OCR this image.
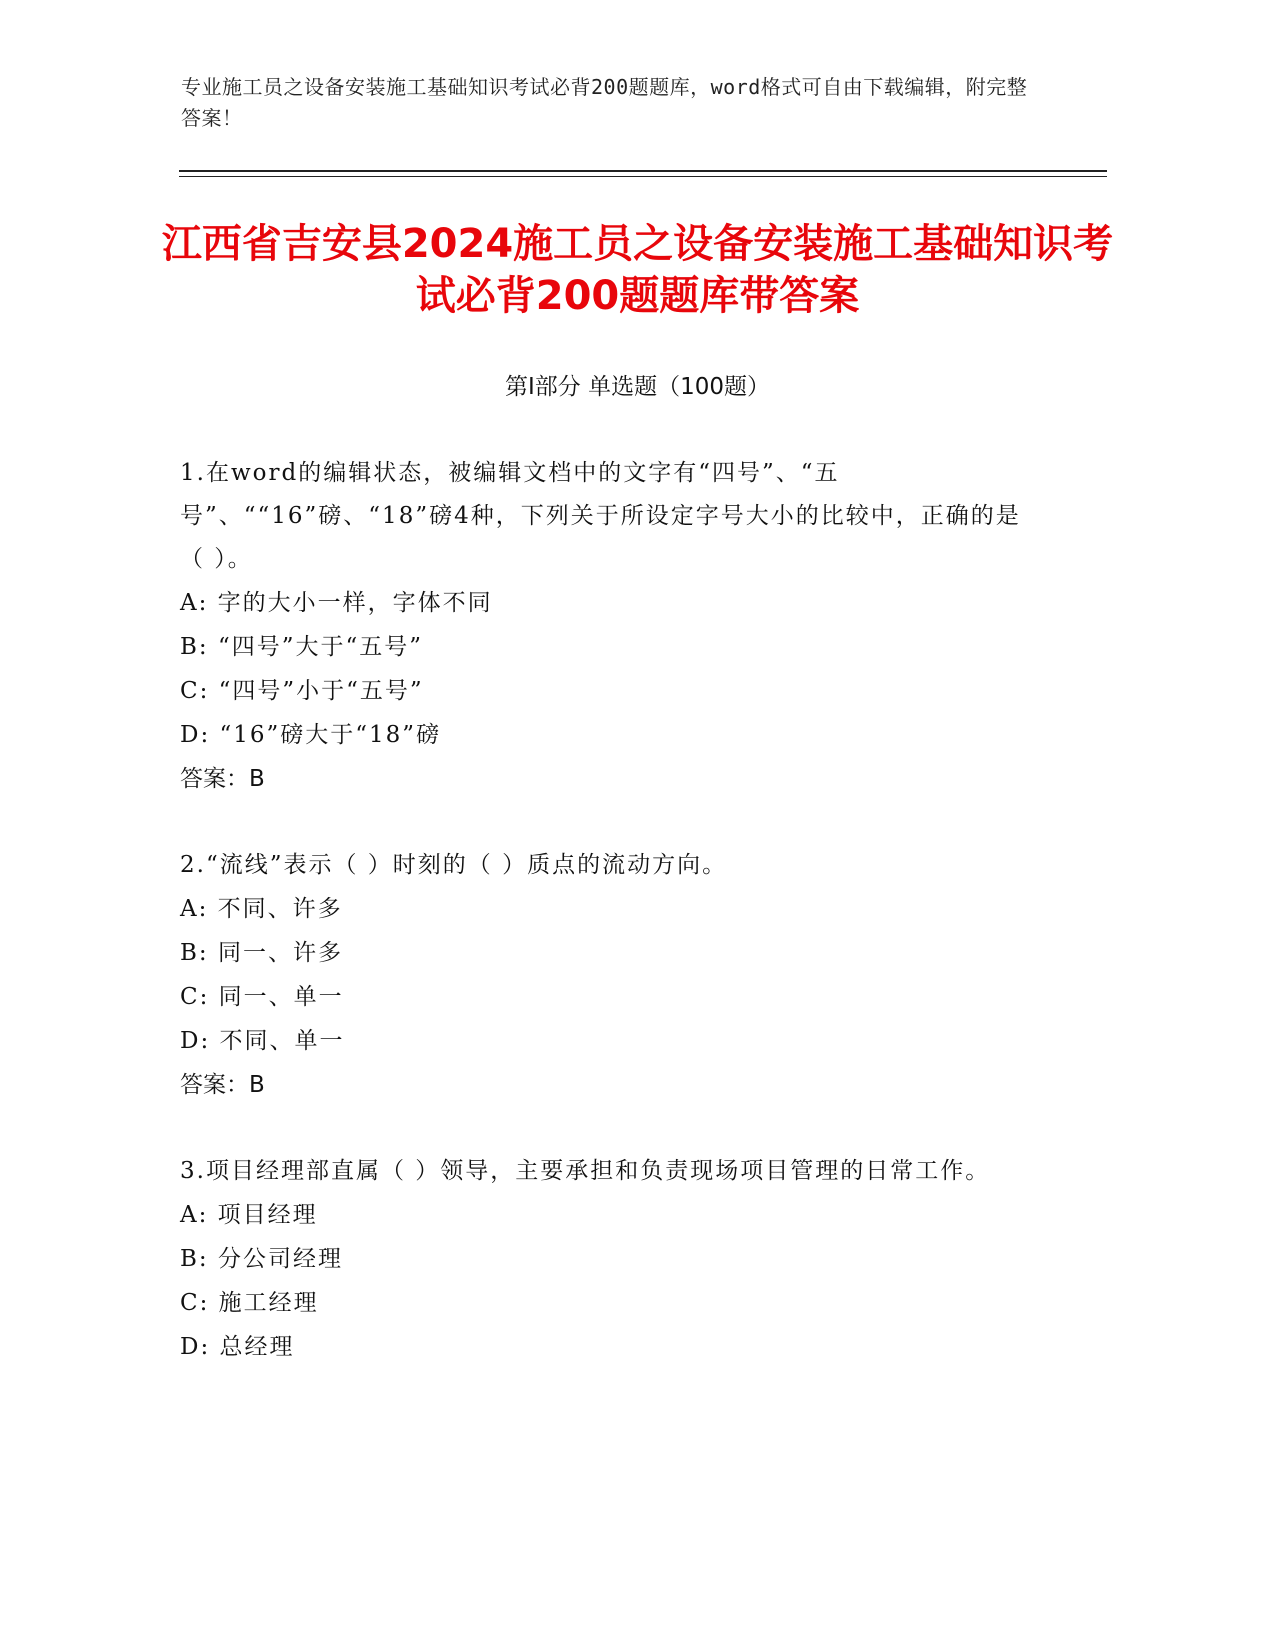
专业施工员之设备安装施工基础知识考试必背200题题库，word格式可自由下载编辑，附完整答案！
江西省吉安县2024施工员之设备安装施工基础知识考试必背200题题库带答案
第Ⅰ部分 单选题（100题）

1.在word的编辑状态，被编辑文档中的文字有“四号”、“五号”、““16”磅、“18”磅4种，下列关于所设定字号大小的比较中，正确的是（ ）。

A: 字的大小一样，字体不同

B: “四号”大于“五号”

C: “四号”小于“五号”

D: “16”磅大于“18”磅

答案：B

2.“流线”表示（ ）时刻的（ ）质点的流动方向。

A: 不同、许多

B: 同一、许多

C: 同一、单一

D: 不同、单一

答案：B

3.项目经理部直属（ ）领导，主要承担和负责现场项目管理的日常工作。

A: 项目经理

B: 分公司经理

C: 施工经理

D: 总经理
